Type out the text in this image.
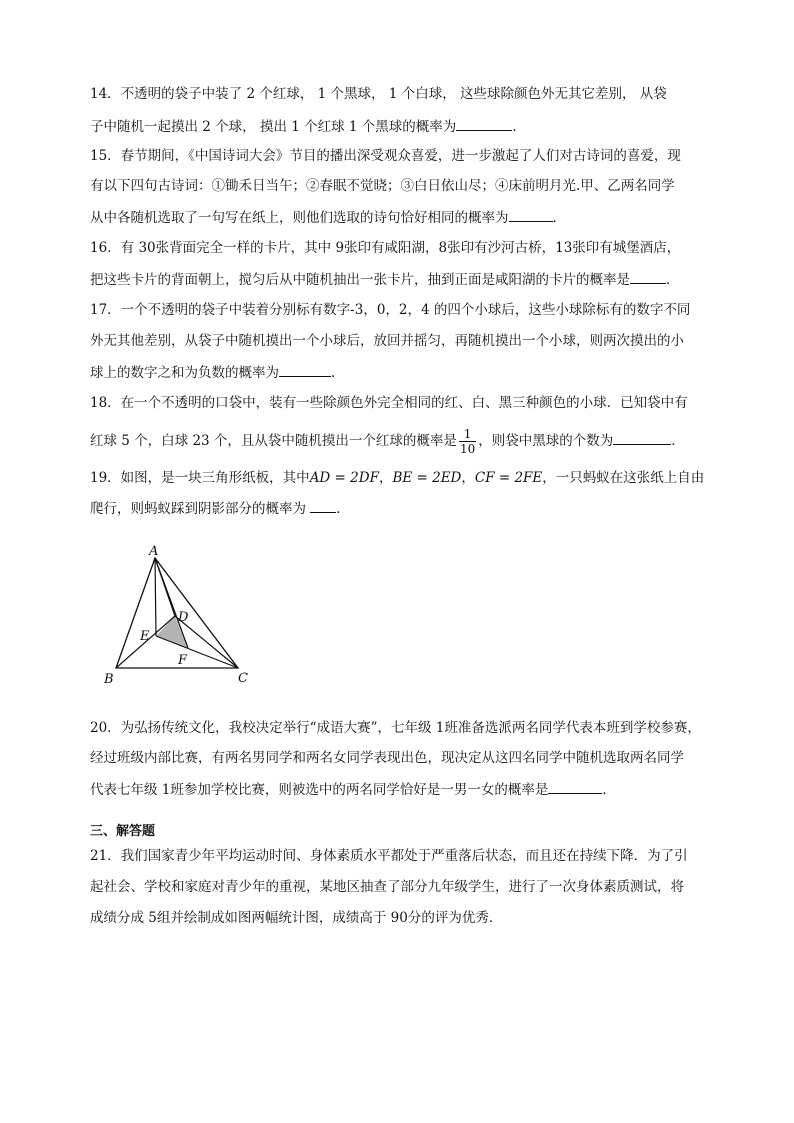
14．不透明的袋子中装了 2 个红球， 1 个黑球， 1 个白球， 这些球除颜色外无其它差别， 从袋
子中随机一起摸出 2 个球， 摸出 1 个红球 1 个黑球的概率为	．
15．春节期间，《中国诗词大会》节目的播出深受观众喜爱，进一步激起了人们对古诗词的喜爱，现
有以下四句古诗词：①锄禾日当午；②春眠不觉晓；③白日依山尽；④床前明月光.甲、乙两名同学
从中各随机选取了一句写在纸上，则他们选取的诗句恰好相同的概率为	．
16．有 30张背面完全一样的卡片，其中 9张印有咸阳湖，8张印有沙河古桥，13张印有城堡酒店，
把这些卡片的背面朝上，搅匀后从中随机抽出一张卡片，抽到正面是咸阳湖的卡片的概率是	．
17．一个不透明的袋子中装着分别标有数字-3，0，2，4 的四个小球后，这些小球除标有的数字不同
外无其他差别，从袋子中随机摸出一个小球后，放回并摇匀，再随机摸出一个小球，则两次摸出的小
球上的数字之和为负数的概率为	.
18．在一个不透明的口袋中，装有一些除颜色外完全相同的红、白、黑三种颜色的小球．已知袋中有
红球 5 个，白球 23 个，且从袋中随机摸出一个红球的概率是 $\frac{1}{10}$ ，则袋中黑球的个数为	．
19．如图，是一块三角形纸板，其中AD = 2DF，BE = 2ED，CF = 2FE，一只蚂蚁在这张纸上自由
爬行，则蚂蚁踩到阴影部分的概率为 ．
A
B	C
D
E
F
20．为弘扬传统文化，我校决定举行“成语大赛”，七年级 1班准备选派两名同学代表本班到学校参赛，
经过班级内部比赛，有两名男同学和两名女同学表现出色，现决定从这四名同学中随机选取两名同学
代表七年级 1班参加学校比赛，则被选中的两名同学恰好是一男一女的概率是	．
三、解答题
21．我们国家青少年平均运动时间、身体素质水平都处于严重落后状态，而且还在持续下降．为了引
起社会、学校和家庭对青少年的重视，某地区抽查了部分九年级学生，进行了一次身体素质测试，将
成绩分成 5组并绘制成如图两幅统计图，成绩高于 90分的评为优秀．
